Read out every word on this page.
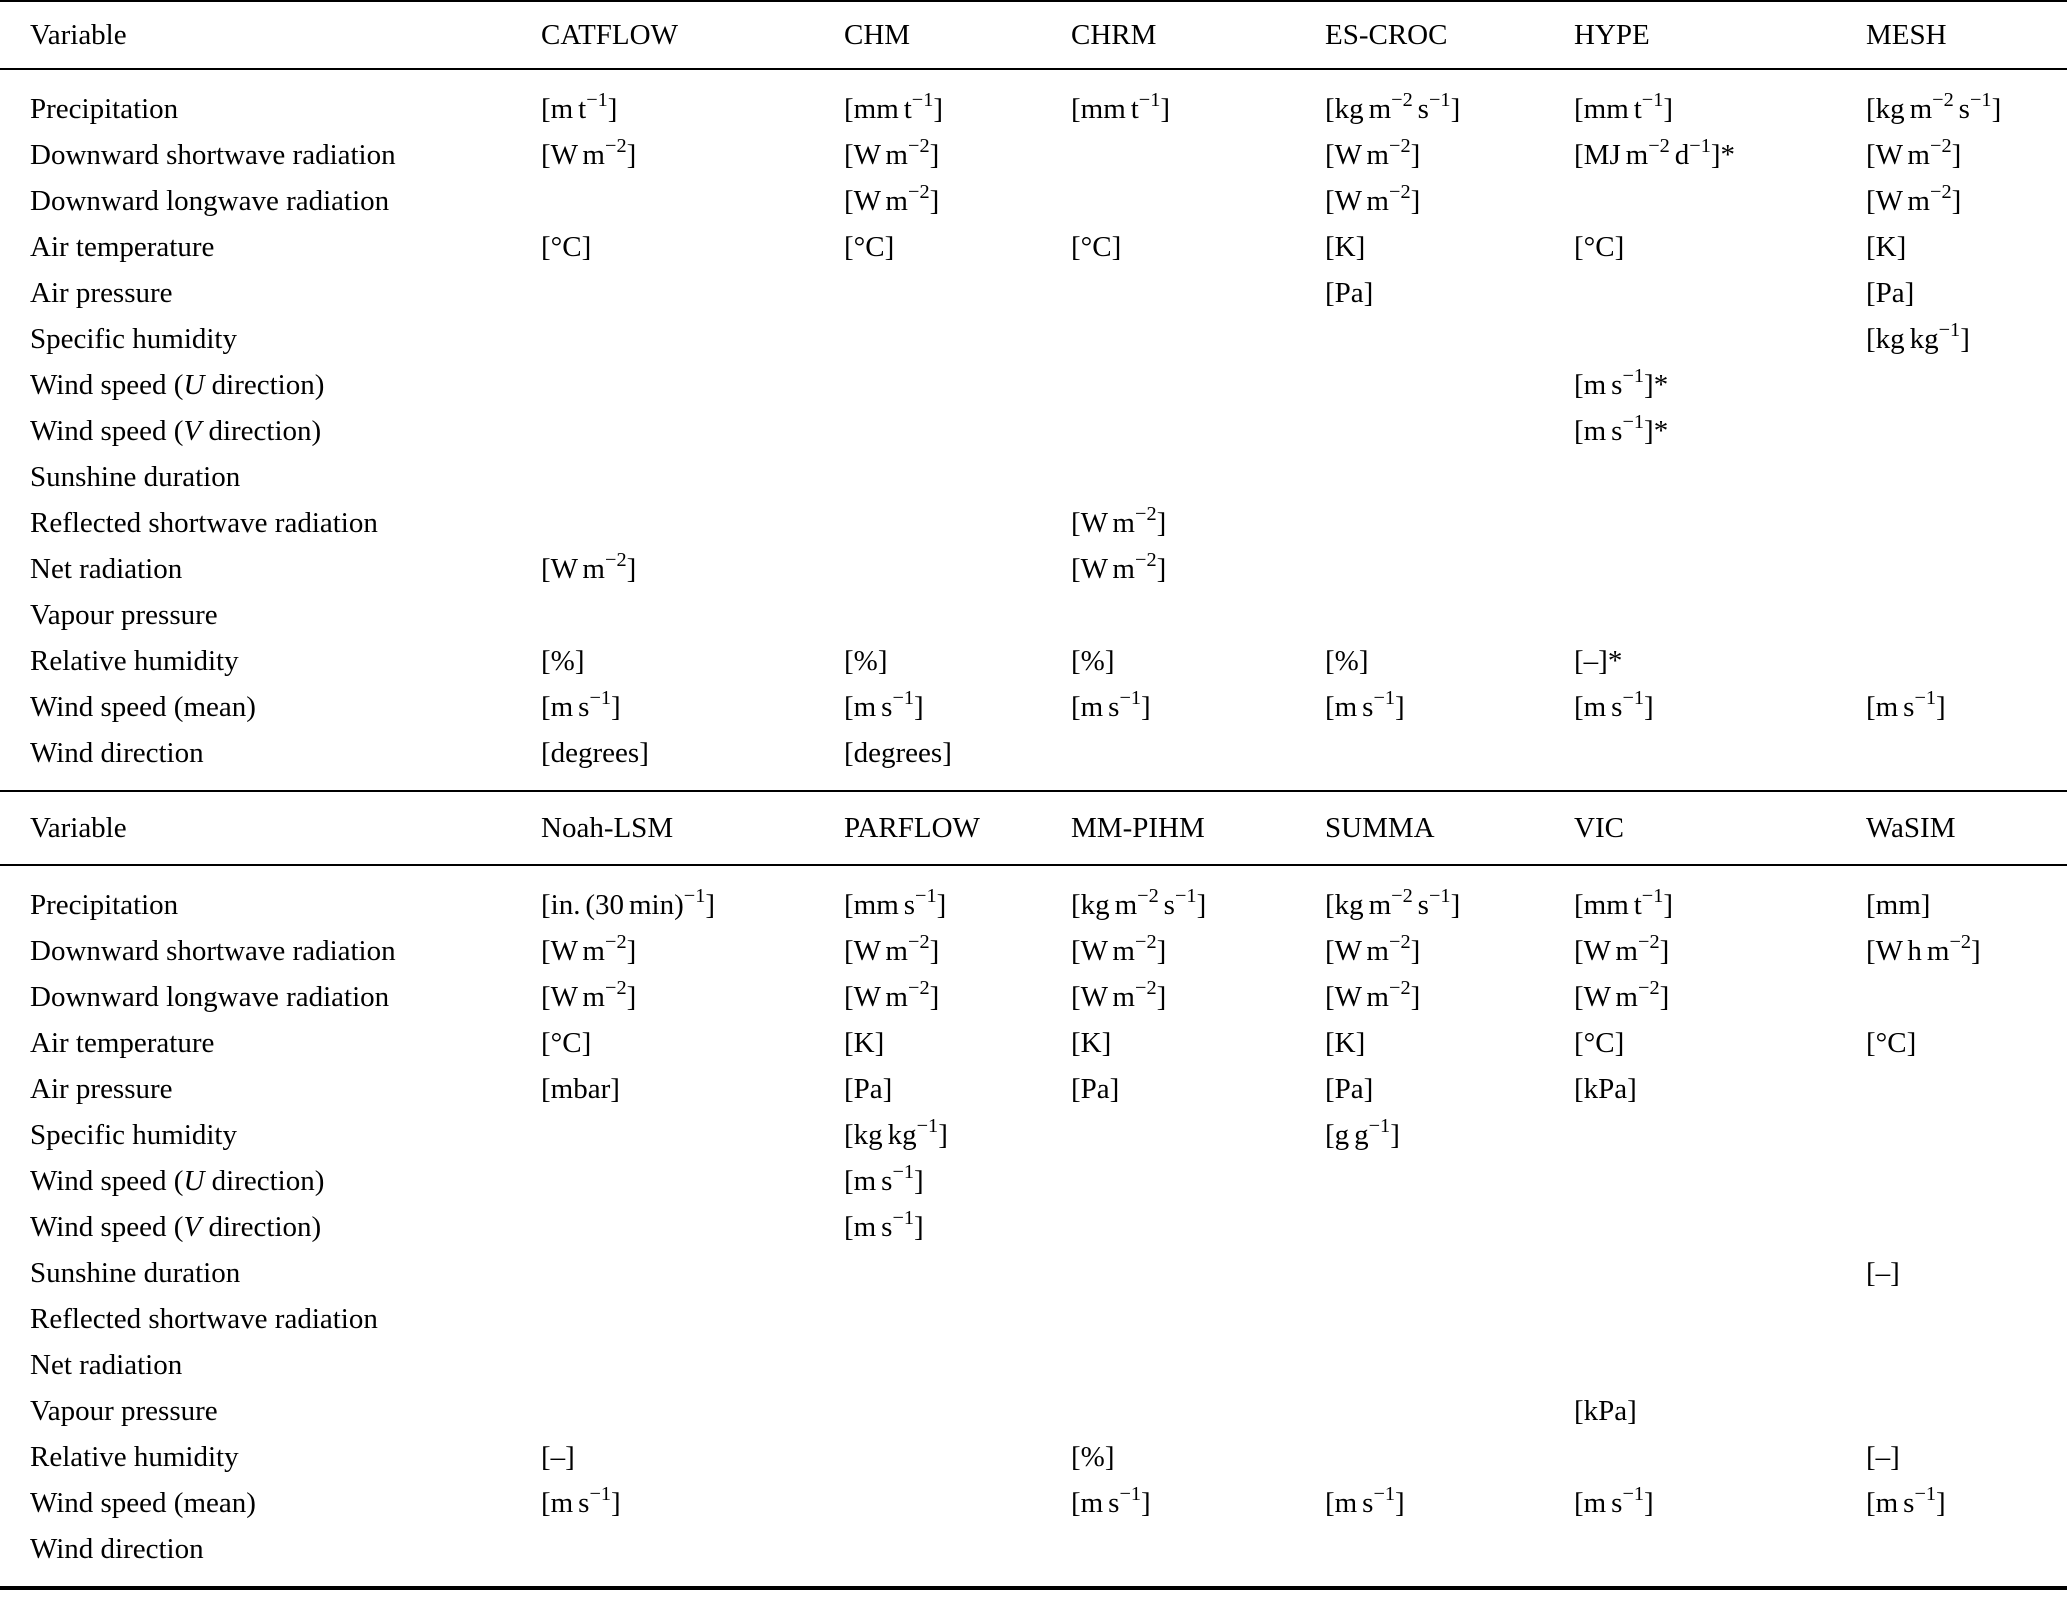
Variable	CATFLOW	CHM	CHRM	ES-CROC	HYPE	MESH
Precipitation	[m $t^{-1}$]	[mm $t^{-1}$]	[mm $t^{-1}$]	[kg $m^{-2}$ $s^{-1}$]	[mm $t^{-1}$]	[kg $m^{-2}$ $s^{-1}$]
Downward shortwave radiation	[W $m^{-2}$]	[W $m^{-2}$]		[W $m^{-2}$]	[MJ $m^{-2}$ $d^{-1}]*$	[W $m^{-2}$]
Downward longwave radiation		[W $m^{-2}$]		[W $m^{-2}$]		[W $m^{-2}$]
Air temperature	[°C]	[°C]	[°C]	[K]	[°C]	[K]
Air pressure				[Pa]		[Pa]
Specific humidity						[kg $kg^{-1}$]
Wind speed (U direction)					[m $s^{-1}]*$	
Wind speed (V direction)					[m $s^{-1}]*$	
Sunshine duration						
Reflected shortwave radiation			[W $m^{-2}$]			
Net radiation	[W $m^{-2}$]		[W $m^{-2}$]			
Vapour pressure						
Relative humidity	[%]	[%]	[%]	[%]	[–]*	
Wind speed (mean)	[m $s^{-1}$]	[m $s^{-1}$]	[m $s^{-1}$]	[m $s^{-1}$]	[m $s^{-1}$]	[m $s^{-1}$]
Wind direction	[degrees]	[degrees]				
Variable	Noah-LSM	PARFLOW	MM-PIHM	SUMMA	VIC	WaSIM
Precipitation	[in. (30 min)$^{-1}$]	[mm $s^{-1}$]	[kg $m^{-2}$ $s^{-1}$]	[kg $m^{-2}$ $s^{-1}$]	[mm $t^{-1}$]	[mm]
Downward shortwave radiation	[W $m^{-2}$]	[W $m^{-2}$]	[W $m^{-2}$]	[W $m^{-2}$]	[W $m^{-2}$]	[W h $m^{-2}$]
Downward longwave radiation	[W $m^{-2}$]	[W $m^{-2}$]	[W $m^{-2}$]	[W $m^{-2}$]	[W $m^{-2}$]	
Air temperature	[°C]	[K]	[K]	[K]	[°C]	[°C]
Air pressure	[mbar]	[Pa]	[Pa]	[Pa]	[kPa]	
Specific humidity		[kg $kg^{-1}$]		[g $g^{-1}$]		
Wind speed (U direction)		[m $s^{-1}$]				
Wind speed (V direction)		[m $s^{-1}$]				
Sunshine duration						[–]
Reflected shortwave radiation						
Net radiation						
Vapour pressure					[kPa]	
Relative humidity	[–]		[%]			[–]
Wind speed (mean)	[m $s^{-1}$]		[m $s^{-1}$]	[m $s^{-1}$]	[m $s^{-1}$]	[m $s^{-1}$]
Wind direction						
